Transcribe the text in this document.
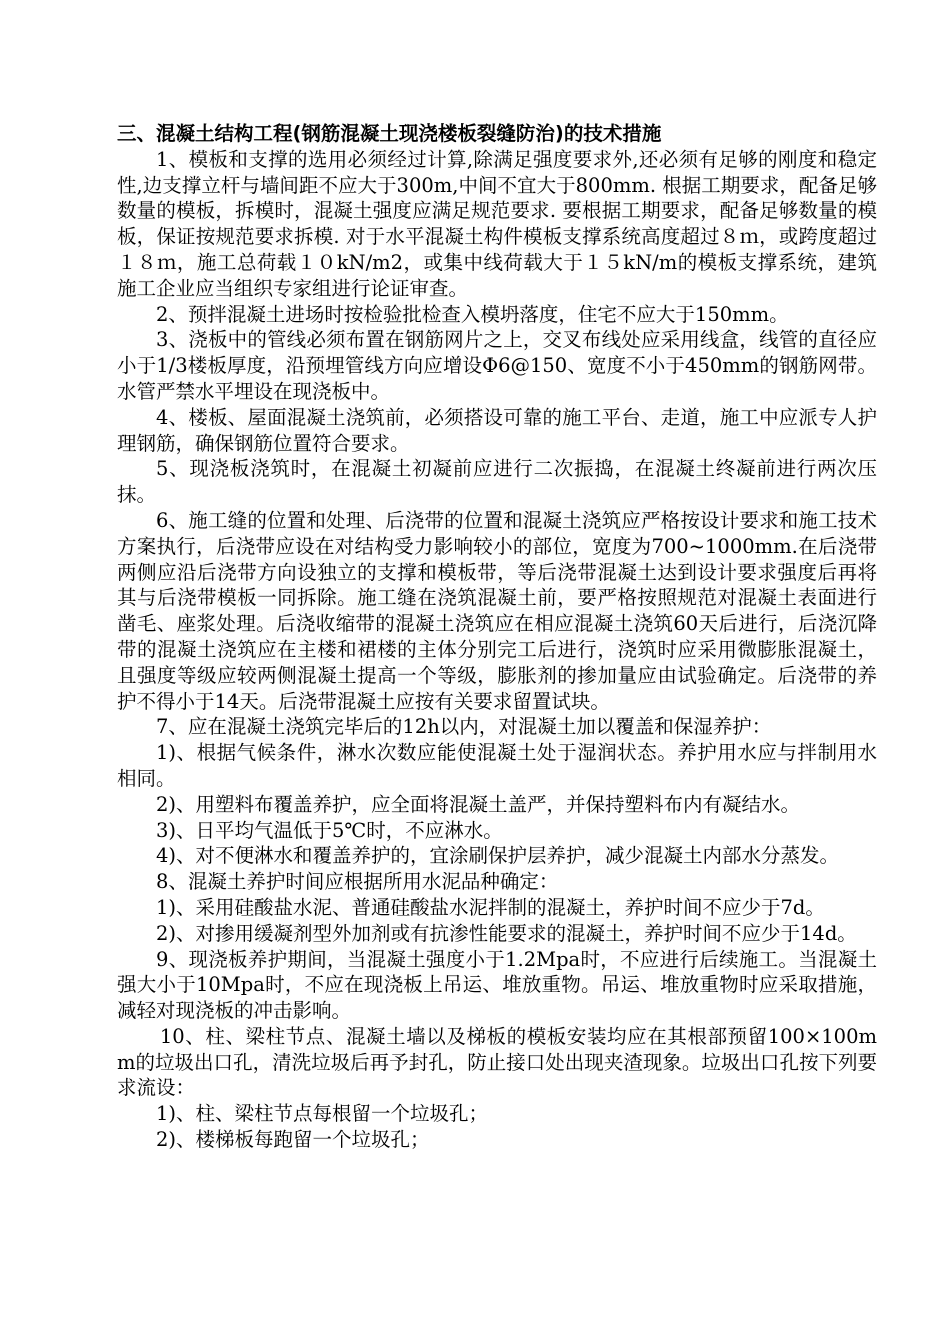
三、混凝土结构工程(钢筋混凝土现浇楼板裂缝防治)的技术措施

1、模板和支撑的选用必须经过计算,除满足强度要求外,还必须有足够的刚度和稳定性,边支撑立杆与墙间距不应大于300m,中间不宜大于800mm. 根据工期要求，配备足够数量的模板，拆模时，混凝土强度应满足规范要求. 要根据工期要求，配备足够数量的模板，保证按规范要求拆模. 对于水平混凝土构件模板支撑系统高度超过８ｍ，或跨度超过１８ｍ，施工总荷载１０kN/m2，或集中线荷载大于１５kN/m的模板支撑系统，建筑施工企业应当组织专家组进行论证审查。

2、预拌混凝土进场时按检验批检查入模坍落度，住宅不应大于150mm。

3、浇板中的管线必须布置在钢筋网片之上，交叉布线处应采用线盒，线管的直径应小于1/3楼板厚度，沿预埋管线方向应增设Φ6@150、宽度不小于450mm的钢筋网带。水管严禁水平埋设在现浇板中。

4、楼板、屋面混凝土浇筑前，必须搭设可靠的施工平台、走道，施工中应派专人护理钢筋，确保钢筋位置符合要求。

5、现浇板浇筑时，在混凝土初凝前应进行二次振捣，在混凝土终凝前进行两次压抹。

6、施工缝的位置和处理、后浇带的位置和混凝土浇筑应严格按设计要求和施工技术方案执行，后浇带应设在对结构受力影响较小的部位，宽度为700~1000mm.在后浇带两侧应沿后浇带方向设独立的支撑和模板带，等后浇带混凝土达到设计要求强度后再将其与后浇带模板一同拆除。施工缝在浇筑混凝土前，要严格按照规范对混凝土表面进行凿毛、座浆处理。后浇收缩带的混凝土浇筑应在相应混凝土浇筑60天后进行，后浇沉降带的混凝土浇筑应在主楼和裙楼的主体分别完工后进行，浇筑时应采用微膨胀混凝土，且强度等级应较两侧混凝土提高一个等级，膨胀剂的掺加量应由试验确定。后浇带的养护不得小于14天。后浇带混凝土应按有关要求留置试块。

7、应在混凝土浇筑完毕后的12h以内，对混凝土加以覆盖和保湿养护：

1)、根据气候条件，淋水次数应能使混凝土处于湿润状态。养护用水应与拌制用水相同。

2)、用塑料布覆盖养护，应全面将混凝土盖严，并保持塑料布内有凝结水。

3)、日平均气温低于5℃时，不应淋水。

4)、对不便淋水和覆盖养护的，宜涂刷保护层养护，减少混凝土内部水分蒸发。

8、混凝土养护时间应根据所用水泥品种确定：

1)、采用硅酸盐水泥、普通硅酸盐水泥拌制的混凝土，养护时间不应少于7d。

2)、对掺用缓凝剂型外加剂或有抗渗性能要求的混凝土，养护时间不应少于14d。

9、现浇板养护期间，当混凝土强度小于1.2Mpa时，不应进行后续施工。当混凝土强大小于10Mpa时，不应在现浇板上吊运、堆放重物。吊运、堆放重物时应采取措施，减轻对现浇板的冲击影响。

10、柱、梁柱节点、混凝土墙以及梯板的模板安装均应在其根部预留100×100mm的垃圾出口孔，清洗垃圾后再予封孔，防止接口处出现夹渣现象。垃圾出口孔按下列要求流设：

1)、柱、梁柱节点每根留一个垃圾孔；

2)、楼梯板每跑留一个垃圾孔；
